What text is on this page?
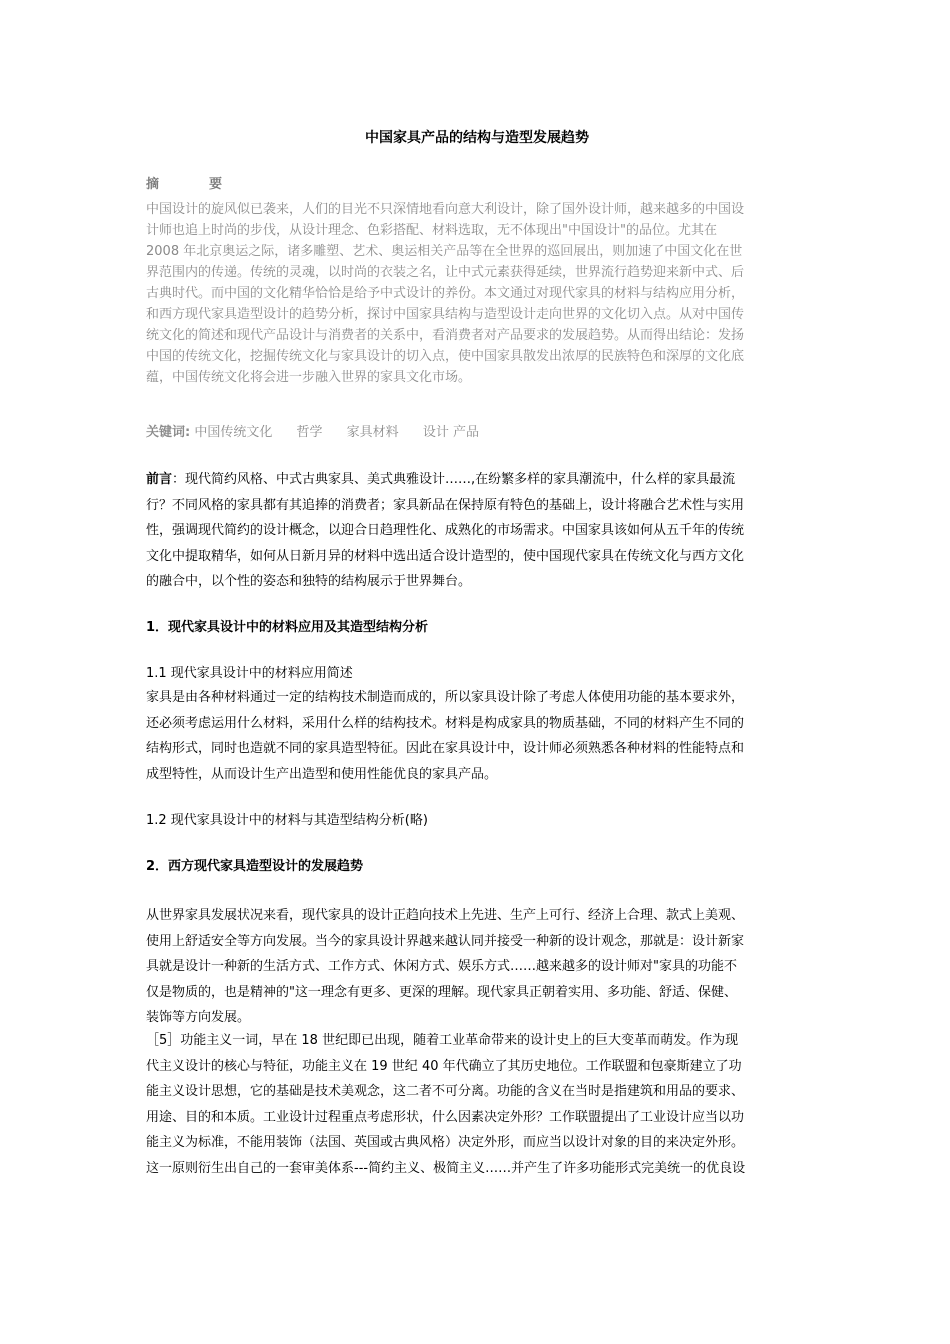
中国家具产品的结构与造型发展趋势
摘	要
中国设计的旋风似已袭来，人们的目光不只深情地看向意大利设计，除了国外设计师，越来越多的中国设
计师也追上时尚的步伐，从设计理念、色彩搭配、材料选取，无不体现出"中国设计"的品位。尤其在
2008 年北京奥运之际，诸多雕塑、艺术、奥运相关产品等在全世界的巡回展出，则加速了中国文化在世
界范围内的传递。传统的灵魂，以时尚的衣装之名，让中式元素获得延续，世界流行趋势迎来新中式、后
古典时代。而中国的文化精华恰恰是给予中式设计的养份。本文通过对现代家具的材料与结构应用分析，
和西方现代家具造型设计的趋势分析，探讨中国家具结构与造型设计走向世界的文化切入点。从对中国传
统文化的简述和现代产品设计与消费者的关系中，看消费者对产品要求的发展趋势。从而得出结论：发扬
中国的传统文化，挖掘传统文化与家具设计的切入点，使中国家具散发出浓厚的民族特色和深厚的文化底
蕴，中国传统文化将会进一步融入世界的家具文化市场。
关键词: 中国传统文化 哲学 家具材料 设计 产品
前言：现代简约风格、中式古典家具、美式典雅设计……,在纷繁多样的家具潮流中，什么样的家具最流
行？不同风格的家具都有其追捧的消费者；家具新品在保持原有特色的基础上，设计将融合艺术性与实用
性，强调现代简约的设计概念，以迎合日趋理性化、成熟化的市场需求。中国家具该如何从五千年的传统
文化中提取精华，如何从日新月异的材料中选出适合设计造型的，使中国现代家具在传统文化与西方文化
的融合中，以个性的姿态和独特的结构展示于世界舞台。
1．现代家具设计中的材料应用及其造型结构分析
1.1 现代家具设计中的材料应用简述
家具是由各种材料通过一定的结构技术制造而成的，所以家具设计除了考虑人体使用功能的基本要求外，
还必须考虑运用什么材料，采用什么样的结构技术。材料是构成家具的物质基础，不同的材料产生不同的
结构形式，同时也造就不同的家具造型特征。因此在家具设计中，设计师必须熟悉各种材料的性能特点和
成型特性，从而设计生产出造型和使用性能优良的家具产品。
1.2 现代家具设计中的材料与其造型结构分析(略)
2．西方现代家具造型设计的发展趋势
从世界家具发展状况来看，现代家具的设计正趋向技术上先进、生产上可行、经济上合理、款式上美观、
使用上舒适安全等方向发展。当今的家具设计界越来越认同并接受一种新的设计观念，那就是：设计新家
具就是设计一种新的生活方式、工作方式、休闲方式、娱乐方式……越来越多的设计师对"家具的功能不
仅是物质的，也是精神的"这一理念有更多、更深的理解。现代家具正朝着实用、多功能、舒适、保健、
装饰等方向发展。
［5］功能主义一词，早在 18 世纪即已出现，随着工业革命带来的设计史上的巨大变革而萌发。作为现
代主义设计的核心与特征，功能主义在 19 世纪 40 年代确立了其历史地位。工作联盟和包豪斯建立了功
能主义设计思想，它的基础是技术美观念，这二者不可分离。功能的含义在当时是指建筑和用品的要求、
用途、目的和本质。工业设计过程重点考虑形状，什么因素决定外形？工作联盟提出了工业设计应当以功
能主义为标准，不能用装饰（法国、英国或古典风格）决定外形，而应当以设计对象的目的来决定外形。
这一原则衍生出自己的一套审美体系---简约主义、极简主义……并产生了许多功能形式完美统一的优良设
